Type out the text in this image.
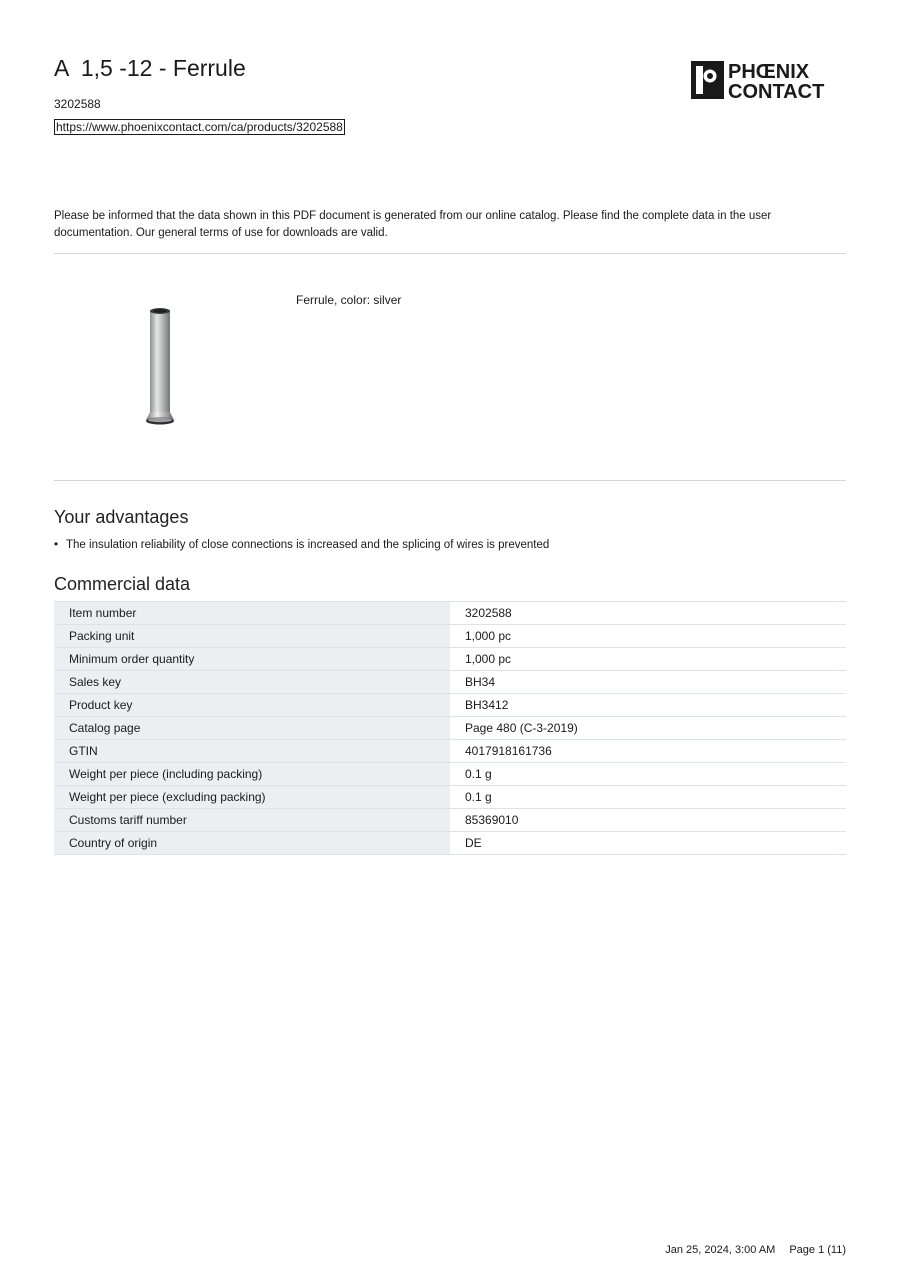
A  1,5 -12 - Ferrule
3202588
https://www.phoenixcontact.com/ca/products/3202588
PHŒNIX
CONTACT

Please be informed that the data shown in this PDF document is generated from our online catalog. Please find the complete data in the user documentation. Our general terms of use for downloads are valid.

Ferrule, color: silver
Your advantages
• The insulation reliability of close connections is increased and the splicing of wires is prevented
Commercial data
Item number	3202588
Packing unit	1,000 pc
Minimum order quantity	1,000 pc
Sales key	BH34
Product key	BH3412
Catalog page	Page 480 (C-3-2019)
GTIN	4017918161736
Weight per piece (including packing)	0.1 g
Weight per piece (excluding packing)	0.1 g
Customs tariff number	85369010
Country of origin	DE
Jan 25, 2024, 3:00 AM Page 1 (11)
